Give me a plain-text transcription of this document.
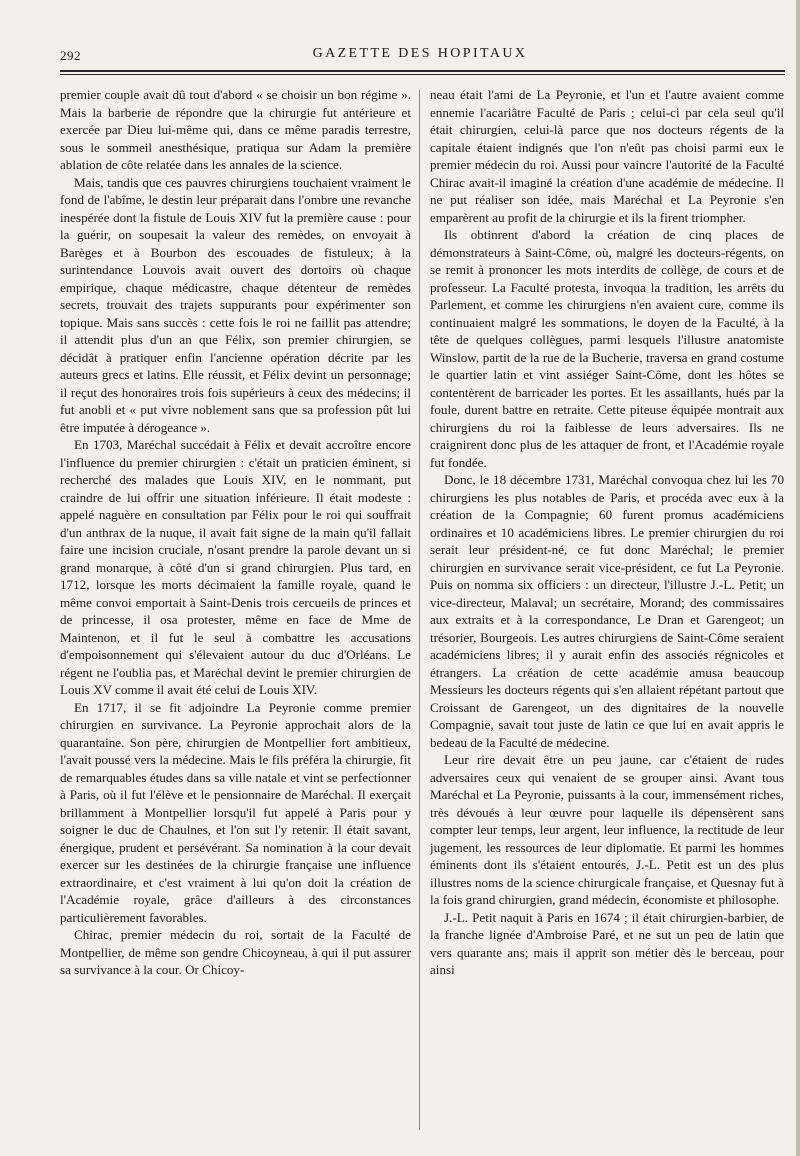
292	GAZETTE DES HOPITAUX

premier couple avait dû tout d'abord « se choisir un bon régime ». Mais la barberie de répondre que la chirurgie fut antérieure et exercée par Dieu lui-même qui, dans ce même paradis terrestre, sous le sommeil anesthésique, pratiqua sur Adam la première ablation de côte relatée dans les annales de la science.

Mais, tandis que ces pauvres chirurgiens touchaient vraiment le fond de l'abîme, le destin leur préparait dans l'ombre une revanche inespérée dont la fistule de Louis XIV fut la première cause : pour la guérir, on soupesait la valeur des remèdes, on envoyait à Barèges et à Bourbon des escouades de fistuleux; à la surintendance Louvois avait ouvert des dortoirs où chaque empirique, chaque médicastre, chaque détenteur de remèdes secrets, trouvait des trajets suppurants pour expérimenter son topique. Mais sans succès : cette fois le roi ne faillit pas attendre; il attendit plus d'un an que Félix, son premier chirurgien, se décidât à pratiquer enfin l'ancienne opération décrite par les auteurs grecs et latins. Elle réussit, et Félix devint un personnage; il reçut des honoraires trois fois supérieurs à ceux des médecins; il fut anobli et « put vivre noblement sans que sa profession pût lui être imputée à dérogeance ».

En 1703, Maréchal succédait à Félix et devait accroître encore l'influence du premier chirurgien : c'était un praticien éminent, si recherché des malades que Louis XIV, en le nommant, put craindre de lui offrir une situation inférieure. Il était modeste : appelé naguère en consultation par Félix pour le roi qui souffrait d'un anthrax de la nuque, il avait fait signe de la main qu'il fallait faire une incision cruciale, n'osant prendre la parole devant un si grand monarque, à côté d'un si grand chirurgien. Plus tard, en 1712, lorsque les morts décimaient la famille royale, quand le même convoi emportait à Saint-Denis trois cercueils de princes et de princesse, il osa protester, même en face de Mme de Maintenon, et il fut le seul à combattre les accusations d'empoisonnement qui s'élevaient autour du duc d'Orléans. Le régent ne l'oublia pas, et Maréchal devint le premier chirurgien de Louis XV comme il avait été celui de Louis XIV.

En 1717, il se fit adjoindre La Peyronie comme premier chirurgien en survivance. La Peyronie approchait alors de la quarantaine. Son père, chirurgien de Montpellier fort ambitieux, l'avait poussé vers la médecine. Mais le fils préféra la chirurgie, fit de remarquables études dans sa ville natale et vint se perfectionner à Paris, où il fut l'élève et le pensionnaire de Maréchal. Il exerçait brillamment à Montpellier lorsqu'il fut appelé à Paris pour y soigner le duc de Chaulnes, et l'on sut l'y retenir. Il était savant, énergique, prudent et persévérant. Sa nomination à la cour devait exercer sur les destinées de la chirurgie française une influence extraordinaire, et c'est vraiment à lui qu'on doit la création de l'Académie royale, grâce d'ailleurs à des circonstances particulièrement favorables.

Chirac, premier médecin du roi, sortait de la Faculté de Montpellier, de même son gendre Chicoyneau, à qui il put assurer sa survivance à la cour. Or Chicoy-

neau était l'ami de La Peyronie, et l'un et l'autre avaient comme ennemie l'acariâtre Faculté de Paris ; celui-ci par cela seul qu'il était chirurgien, celui-là parce que nos docteurs régents de la capitale étaient indignés que l'on n'eût pas choisi parmi eux le premier médecin du roi. Aussi pour vaincre l'autorité de la Faculté Chirac avait-il imaginé la création d'une académie de médecine. Il ne put réaliser son idée, mais Maréchal et La Peyronie s'en emparèrent au profit de la chirurgie et ils la firent triompher.

Ils obtinrent d'abord la création de cinq places de démonstrateurs à Saint-Côme, où, malgré les docteurs-régents, on se remit à prononcer les mots interdits de collège, de cours et de professeur. La Faculté protesta, invoqua la tradition, les arrêts du Parlement, et comme les chirurgiens n'en avaient cure, comme ils continuaient malgré les sommations, le doyen de la Faculté, à la tête de quelques collègues, parmi lesquels l'illustre anatomiste Winslow, partit de la rue de la Bucherie, traversa en grand costume le quartier latin et vint assiéger Saint-Côme, dont les hôtes se contentèrent de barricader les portes. Et les assaillants, hués par la foule, durent battre en retraite. Cette piteuse équipée montrait aux chirurgiens du roi la faiblesse de leurs adversaires. Ils ne craignirent donc plus de les attaquer de front, et l'Académie royale fut fondée.

Donc, le 18 décembre 1731, Maréchal convoqua chez lui les 70 chirurgiens les plus notables de Paris, et procéda avec eux à la création de la Compagnie; 60 furent promus académiciens ordinaires et 10 académiciens libres. Le premier chirurgien du roi serait leur président-né, ce fut donc Maréchal; le premier chirurgien en survivance serait vice-président, ce fut La Peyronie. Puis on nomma six officiers : un directeur, l'illustre J.-L. Petit; un vice-directeur, Malaval; un secrétaire, Morand; des commissaires aux extraits et à la correspondance, Le Dran et Garengeot; un trésorier, Bourgeois. Les autres chirurgiens de Saint-Côme seraient académiciens libres; il y aurait enfin des associés régnicoles et étrangers. La création de cette académie amusa beaucoup Messieurs les docteurs régents qui s'en allaient répétant partout que Croissant de Garengeot, un des dignitaires de la nouvelle Compagnie, savait tout juste de latin ce que lui en avait appris le bedeau de la Faculté de médecine.

Leur rire devait être un peu jaune, car c'étaient de rudes adversaires ceux qui venaient de se grouper ainsi. Avant tous Maréchal et La Peyronie, puissants à la cour, immensément riches, très dévoués à leur œuvre pour laquelle ils dépensèrent sans compter leur temps, leur argent, leur influence, la rectitude de leur jugement, les ressources de leur diplomatie. Et parmi les hommes éminents dont ils s'étaient entourés, J.-L. Petit est un des plus illustres noms de la science chirurgicale française, et Quesnay fut à la fois grand chirurgien, grand médecin, économiste et philosophe.

J.-L. Petit naquit à Paris en 1674 ; il était chirurgien-barbier, de la franche lignée d'Ambroise Paré, et ne sut un peu de latin que vers quarante ans; mais il apprit son métier dès le berceau, pour ainsi
